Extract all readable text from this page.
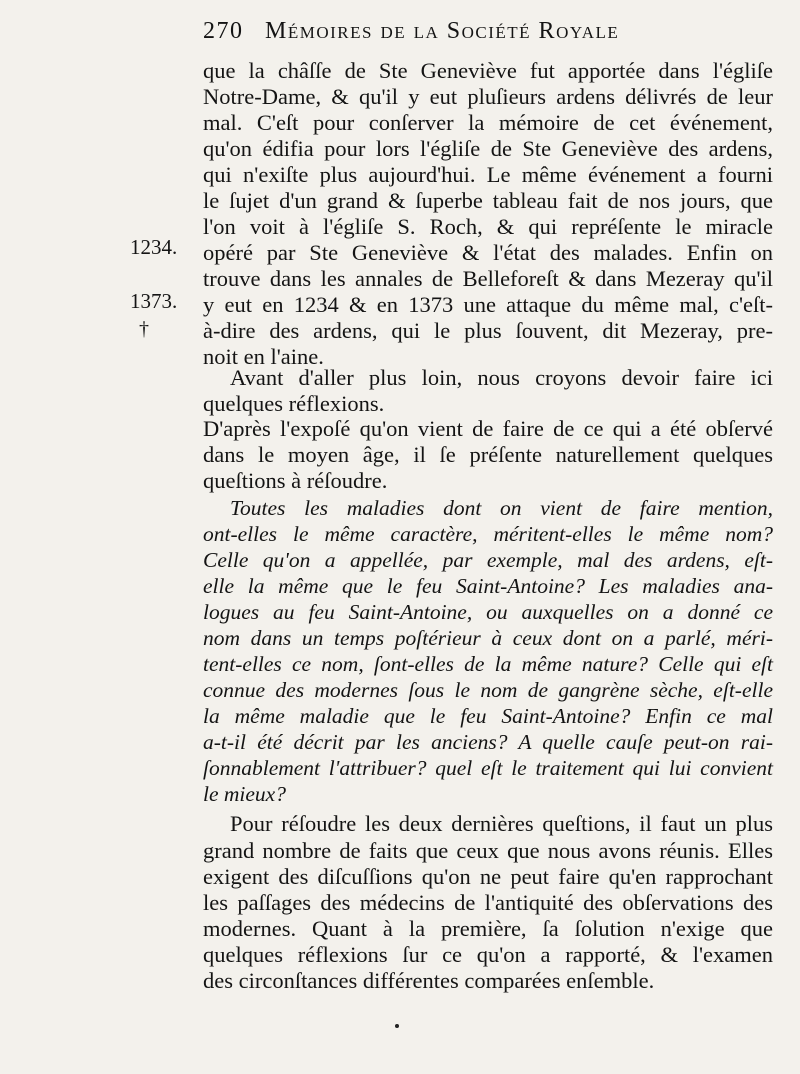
270 Mémoires de la Société Royale
1234.
1373.
†
que la châſſe de Ste Geneviève fut apportée dans l'égliſe
Notre-Dame, & qu'il y eut pluſieurs ardens délivrés de leur
mal. C'eſt pour conſerver la mémoire de cet événement,
qu'on édifia pour lors l'égliſe de Ste Geneviève des ardens,
qui n'exiſte plus aujourd'hui. Le même événement a fourni
le ſujet d'un grand & ſuperbe tableau fait de nos jours, que
l'on voit à l'égliſe S. Roch, & qui repréſente le miracle
opéré par Ste Geneviève & l'état des malades. Enfin on
trouve dans les annales de Belleforeſt & dans Mezeray qu'il
y eut en 1234 & en 1373 une attaque du même mal, c'eſt-
à-dire des ardens, qui le plus ſouvent, dit Mezeray, pre-
noit en l'aine.
Avant d'aller plus loin, nous croyons devoir faire ici
quelques réflexions.
D'après l'expoſé qu'on vient de faire de ce qui a été obſervé
dans le moyen âge, il ſe préſente naturellement quelques
queſtions à réſoudre.
Toutes les maladies dont on vient de faire mention,
ont-elles le même caractère, méritent-elles le même nom?
Celle qu'on a appellée, par exemple, mal des ardens, eſt-
elle la même que le feu Saint-Antoine? Les maladies ana-
logues au feu Saint-Antoine, ou auxquelles on a donné ce
nom dans un temps poſtérieur à ceux dont on a parlé, méri-
tent-elles ce nom, ſont-elles de la même nature? Celle qui eſt
connue des modernes ſous le nom de gangrène sèche, eſt-elle
la même maladie que le feu Saint-Antoine? Enfin ce mal
a-t-il été décrit par les anciens? A quelle cauſe peut-on rai-
ſonnablement l'attribuer? quel eſt le traitement qui lui convient
le mieux?
Pour réſoudre les deux dernières queſtions, il faut un plus
grand nombre de faits que ceux que nous avons réunis. Elles
exigent des diſcuſſions qu'on ne peut faire qu'en rapprochant
les paſſages des médecins de l'antiquité des obſervations des
modernes. Quant à la première, ſa ſolution n'exige que
quelques réflexions ſur ce qu'on a rapporté, & l'examen
des circonſtances différentes comparées enſemble.
